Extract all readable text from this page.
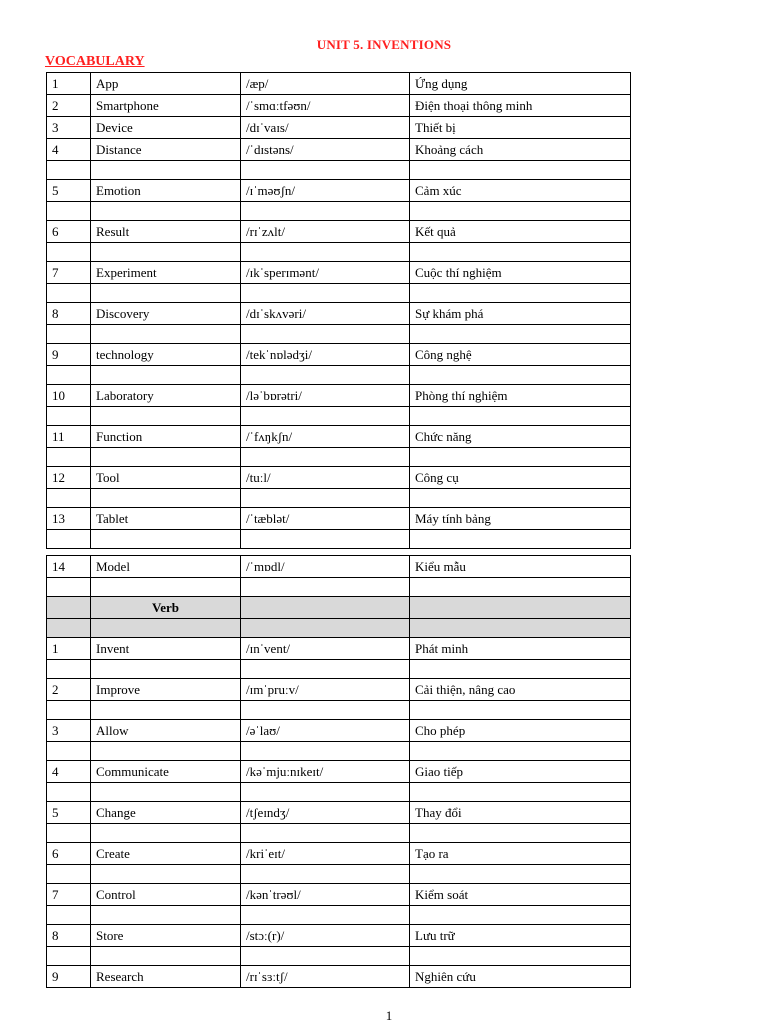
UNIT 5. INVENTIONS
VOCABULARY
1	App	/æp/	Ứng dụng
2	Smartphone	/ˈsmɑːtfəʊn/	Điện thoại thông minh
3	Device	/dɪˈvaɪs/	Thiết bị
4	Distance	/ˈdɪstəns/	Khoảng cách

5	Emotion	/ɪˈməʊʃn/	Cảm xúc

6	Result	/rɪˈzʌlt/	Kết quả

7	Experiment	/ɪkˈsperɪmənt/	Cuộc thí nghiệm

8	Discovery	/dɪˈskʌvəri/	Sự khám phá

9	technology	/tekˈnɒlədʒi/	Công nghệ

10	Laboratory	/ləˈbɒrətri/	Phòng thí nghiệm

11	Function	/ˈfʌŋkʃn/	Chức năng

12	Tool	/tuːl/	Công cụ

13	Tablet	/ˈtæblət/	Máy tính bảng

14	Model	/ˈmɒdl/	Kiểu mẫu

	Verb		

1	Invent	/ɪnˈvent/	Phát minh

2	Improve	/ɪmˈpruːv/	Cải thiện, nâng cao

3	Allow	/əˈlaʊ/	Cho phép

4	Communicate	/kəˈmjuːnɪkeɪt/	Giao tiếp

5	Change	/tʃeɪndʒ/	Thay đổi

6	Create	/kriˈeɪt/	Tạo ra

7	Control	/kənˈtrəʊl/	Kiểm soát

8	Store	/stɔː(r)/	Lưu trữ

9	Research	/rɪˈsɜːtʃ/	Nghiên cứu
1
